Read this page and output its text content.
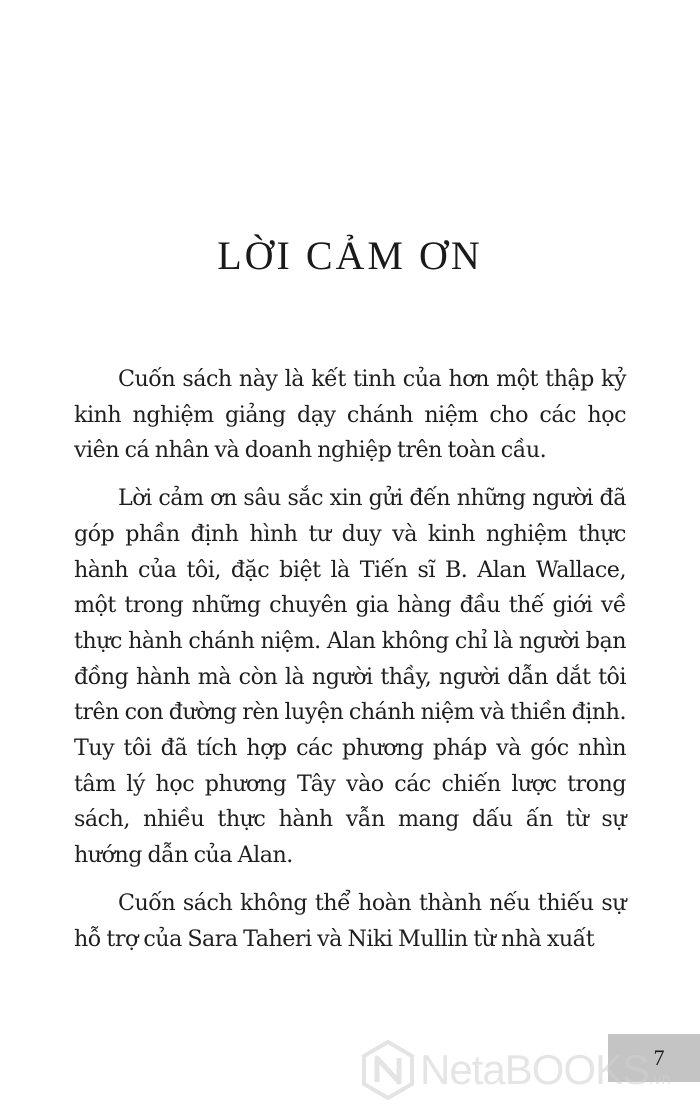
LỜI CẢM ƠN

Cuốn sách này là kết tinh của hơn một thập kỷ kinh nghiệm giảng dạy chánh niệm cho các học viên cá nhân và doanh nghiệp trên toàn cầu.

Lời cảm ơn sâu sắc xin gửi đến những người đã góp phần định hình tư duy và kinh nghiệm thực hành của tôi, đặc biệt là Tiến sĩ B. Alan Wallace, một trong những chuyên gia hàng đầu thế giới về thực hành chánh niệm. Alan không chỉ là người bạn đồng hành mà còn là người thầy, người dẫn dắt tôi trên con đường rèn luyện chánh niệm và thiền định. Tuy tôi đã tích hợp các phương pháp và góc nhìn tâm lý học phương Tây vào các chiến lược trong sách, nhiều thực hành vẫn mang dấu ấn từ sự hướng dẫn của Alan.

Cuốn sách không thể hoàn thành nếu thiếu sự hỗ trợ của Sara Taheri và Niki Mullin từ nhà xuất

7
NetaBOOKS.vn
